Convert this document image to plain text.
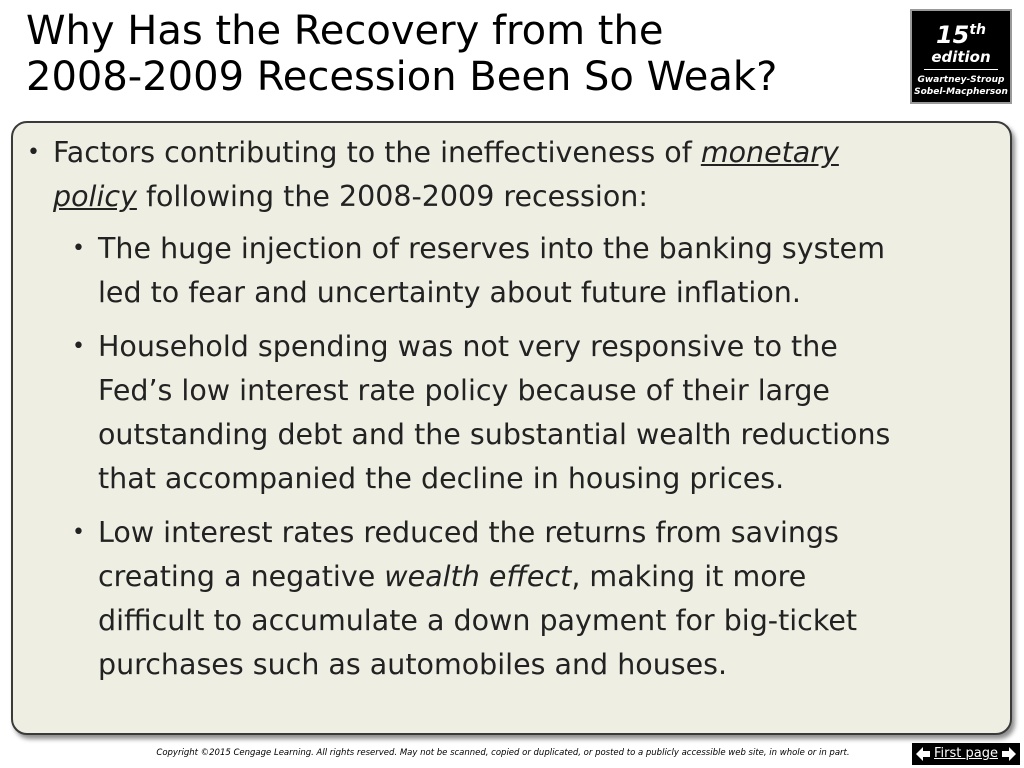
Why Has the Recovery from the
2008-2009 Recession Been So Weak?
15th
edition
Gwartney-Stroup
Sobel-Macpherson
• Factors contributing to the ineffectiveness of monetary
policy following the 2008-2009 recession:
• The huge injection of reserves into the banking system
led to fear and uncertainty about future inflation.
• Household spending was not very responsive to the
Fed’s low interest rate policy because of their large
outstanding debt and the substantial wealth reductions
that accompanied the decline in housing prices.
• Low interest rates reduced the returns from savings
creating a negative wealth effect, making it more
difficult to accumulate a down payment for big-ticket
purchases such as automobiles and houses.
Copyright ©2015 Cengage Learning. All rights reserved. May not be scanned, copied or duplicated, or posted to a publicly accessible web site, in whole or in part.	First page
